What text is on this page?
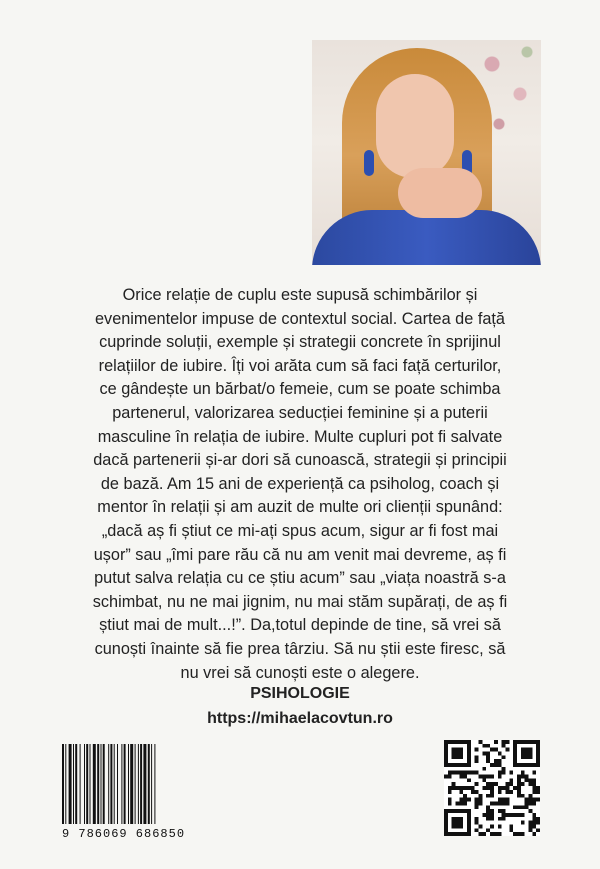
Orice relație de cuplu este supusă schimbărilor și

evenimentelor impuse de contextul social. Cartea de față

cuprinde soluții, exemple și strategii concrete în sprijinul

relațiilor de iubire. Îți voi arăta cum să faci față certurilor,

ce gândește un bărbat/o femeie, cum se poate schimba

partenerul, valorizarea seducției feminine și a puterii

masculine în relația de iubire. Multe cupluri pot fi salvate

dacă partenerii și-ar dori să cunoască, strategii și principii

de bază. Am 15 ani de experiență ca psiholog, coach și

mentor în relații și am auzit de multe ori clienții spunând:

„dacă aș fi știut ce mi-ați spus acum, sigur ar fi fost mai

ușor” sau „îmi pare rău că nu am venit mai devreme, aș fi

putut salva relația cu ce știu acum” sau „viața noastră s-a

schimbat, nu ne mai jignim, nu mai stăm supărați, de aș fi

știut mai de mult...!”. Da,totul depinde de tine, să vrei să

cunoști înainte să fie prea târziu. Să nu știi este firesc, să

nu vrei să cunoști este o alegere.

PSIHOLOGIE
https://mihaelacovtun.ro
9 786069 686850
